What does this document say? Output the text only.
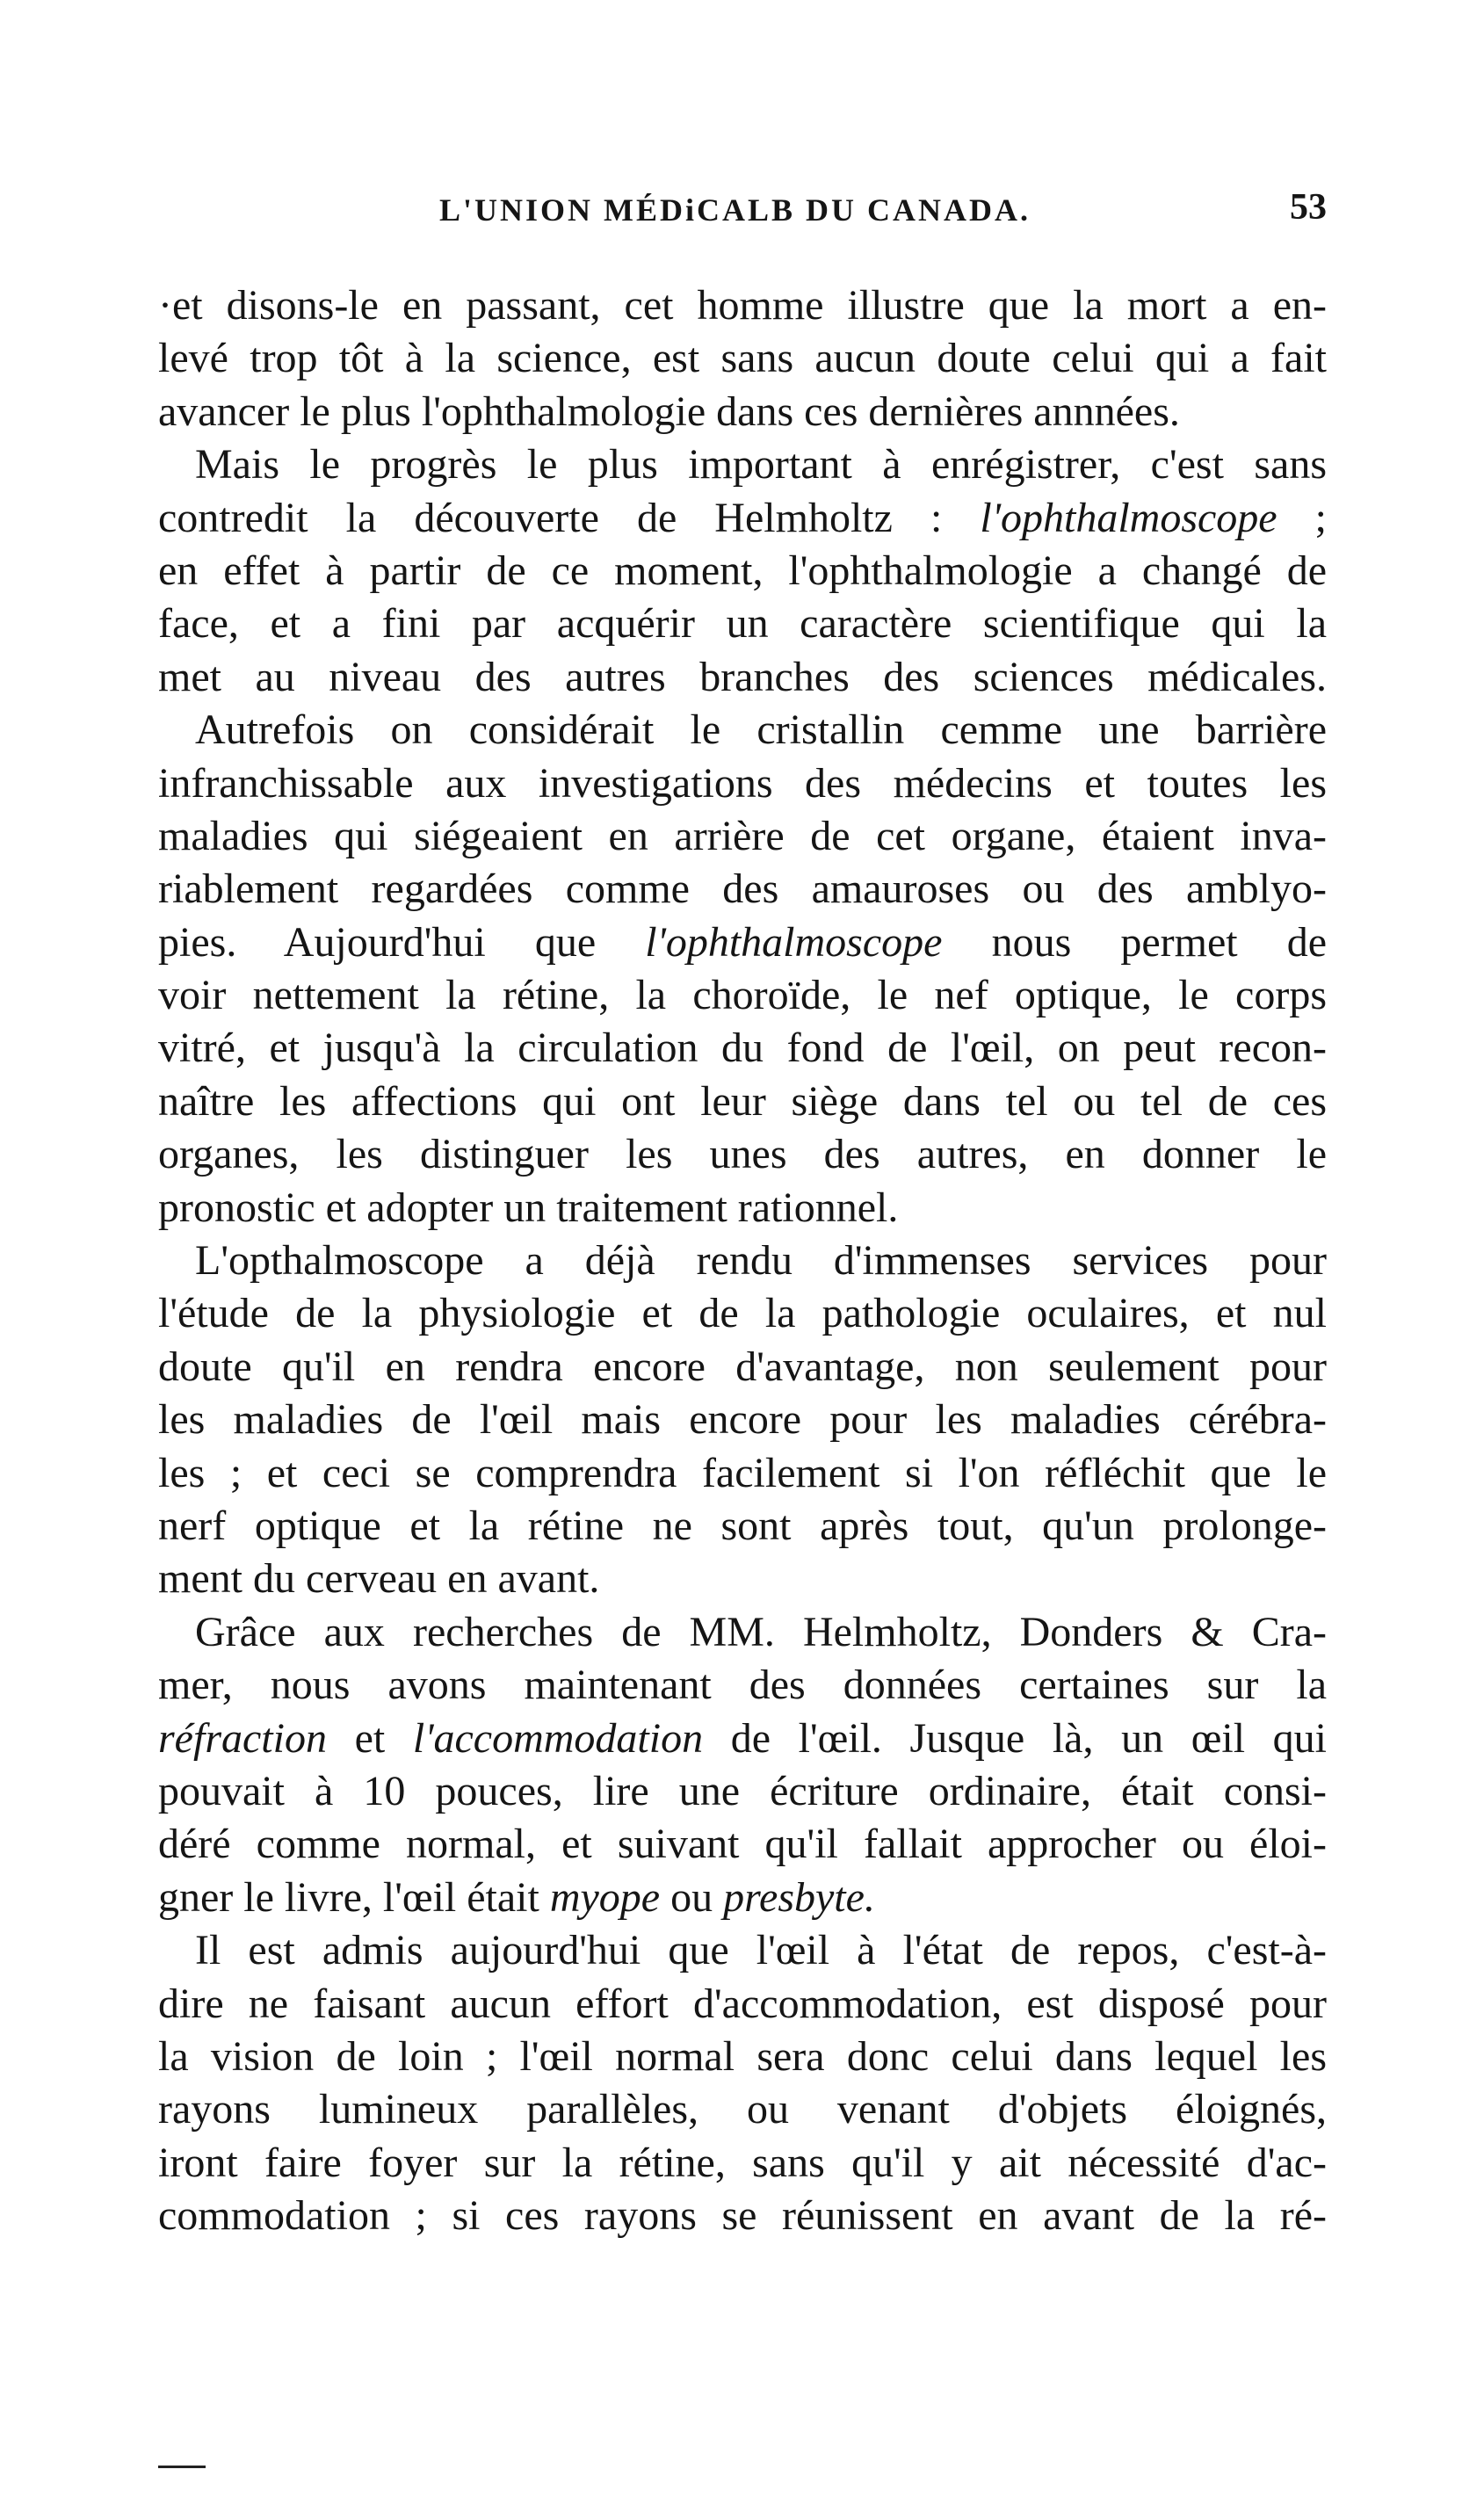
L'UNION MÉDiCALB DU CANADA.	53
·et disons-le en passant, cet homme illustre que la mort a en-
levé trop tôt à la science, est sans aucun doute celui qui a fait
avancer le plus l'ophthalmologie dans ces dernières annnées.
Mais le progrès le plus important à enrégistrer, c'est sans
contredit la découverte de Helmholtz : l'ophthalmoscope ;
en effet à partir de ce moment, l'ophthalmologie a changé de
face, et a fini par acquérir un caractère scientifique qui la
met au niveau des autres branches des sciences médicales.
Autrefois on considérait le cristallin cemme une barrière
infranchissable aux investigations des médecins et toutes les
maladies qui siégeaient en arrière de cet organe, étaient inva-
riablement regardées comme des amauroses ou des amblyo-
pies. Aujourd'hui que l'ophthalmoscope nous permet de
voir nettement la rétine, la choroïde, le nef optique, le corps
vitré, et jusqu'à la circulation du fond de l'œil, on peut recon-
naître les affections qui ont leur siège dans tel ou tel de ces
organes, les distinguer les unes des autres, en donner le
pronostic et adopter un traitement rationnel.
L'opthalmoscope a déjà rendu d'immenses services pour
l'étude de la physiologie et de la pathologie oculaires, et nul
doute qu'il en rendra encore d'avantage, non seulement pour
les maladies de l'œil mais encore pour les maladies cérébra-
les ; et ceci se comprendra facilement si l'on réfléchit que le
nerf optique et la rétine ne sont après tout, qu'un prolonge-
ment du cerveau en avant.
Grâce aux recherches de MM. Helmholtz, Donders & Cra-
mer, nous avons maintenant des données certaines sur la
réfraction et l'accommodation de l'œil. Jusque là, un œil qui
pouvait à 10 pouces, lire une écriture ordinaire, était consi-
déré comme normal, et suivant qu'il fallait approcher ou éloi-
gner le livre, l'œil était myope ou presbyte.
Il est admis aujourd'hui que l'œil à l'état de repos, c'est-à-
dire ne faisant aucun effort d'accommodation, est disposé pour
la vision de loin ; l'œil normal sera donc celui dans lequel les
rayons lumineux parallèles, ou venant d'objets éloignés,
iront faire foyer sur la rétine, sans qu'il y ait nécessité d'ac-
commodation ; si ces rayons se réunissent en avant de la ré-
